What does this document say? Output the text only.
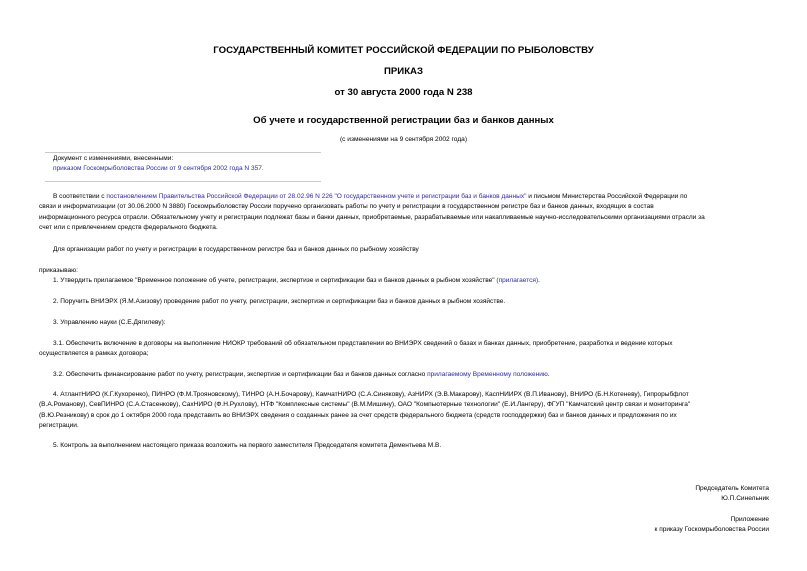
ГОСУДАРСТВЕННЫЙ КОМИТЕТ РОССИЙСКОЙ ФЕДЕРАЦИИ ПО РЫБОЛОВСТВУ
ПРИКАЗ
от 30 августа 2000 года N 238
Об учете и государственной регистрации баз и банков данных
(с изменениями на 9 сентября 2002 года)
Документ с изменениями, внесенными:
приказом Госкомрыболовства России от 9 сентября 2002 года N 357.
В соответствии с постановлением Правительства Российской Федерации от 28.02.96 N 226 "О государственном учете и регистрации баз и банков данных" и письмом Министерства Российской Федерации по
связи и информатизации (от 30.06.2000 N 3880) Госкомрыболовству России поручено организовать работы по учету и регистрации в государственном регистре баз и банков данных, входящих в состав
информационного ресурса отрасли. Обязательному учету и регистрации подлежат базы и банки данных, приобретаемые, разрабатываемые или накапливаемые научно-исследовательскими организациями отрасли за
счет или с привлечением средств федерального бюджета.
Для организации работ по учету и регистрации в государственном регистре баз и банков данных по рыбному хозяйству
приказываю:
1. Утвердить прилагаемое "Временное положение об учете, регистрации, экспертизе и сертификации баз и банков данных в рыбном хозяйстве" (прилагается).
2. Поручить ВНИЭРХ (Я.М.Азизову) проведение работ по учету, регистрации, экспертизе и сертификации баз и банков данных в рыбном хозяйстве.
3. Управлению науки (С.Е.Дягилеву):
3.1. Обеспечить включение в договоры на выполнение НИОКР требований об обязательном представлении во ВНИЭРХ сведений о базах и банках данных, приобретение, разработка и ведение которых
осуществляется в рамках договора;
3.2. Обеспечить финансирование работ по учету, регистрации, экспертизе и сертификации баз и банков данных согласно прилагаемому Временному положению.
4. АтлантНИРО (К.Г.Кухоренко), ПИНРО (Ф.М.Трояновскому), ТИНРО (А.Н.Бочарову), КамчатНИРО (С.А.Синякову), АзНИРХ (Э.В.Макарову), КаспНИИРХ (В.П.Иванову), ВНИРО (Б.Н.Котеневу), Гипрорыбфлот
(В.А.Романову), СевПИНРО (С.А.Стасенкову), СахНИРО (Ф.Н.Рухлову), НТФ "Комплексные системы" (В.М.Мишину), ОАО "Компьютерные технологии" (Е.И.Лангеру), ФГУП "Камчатский центр связи и мониторинга"
(В.Ю.Резникову) в срок до 1 октября 2000 года представить во ВНИЭРХ сведения о созданных ранее за счет средств федерального бюджета (средств господдержки) баз и банков данных и предложения по их
регистрации.
5. Контроль за выполнением настоящего приказа возложить на первого заместителя Председателя комитета Дементьева М.В.
Председатель Комитета
Ю.П.Синельник
Приложение
к приказу Госкомрыболовства России
